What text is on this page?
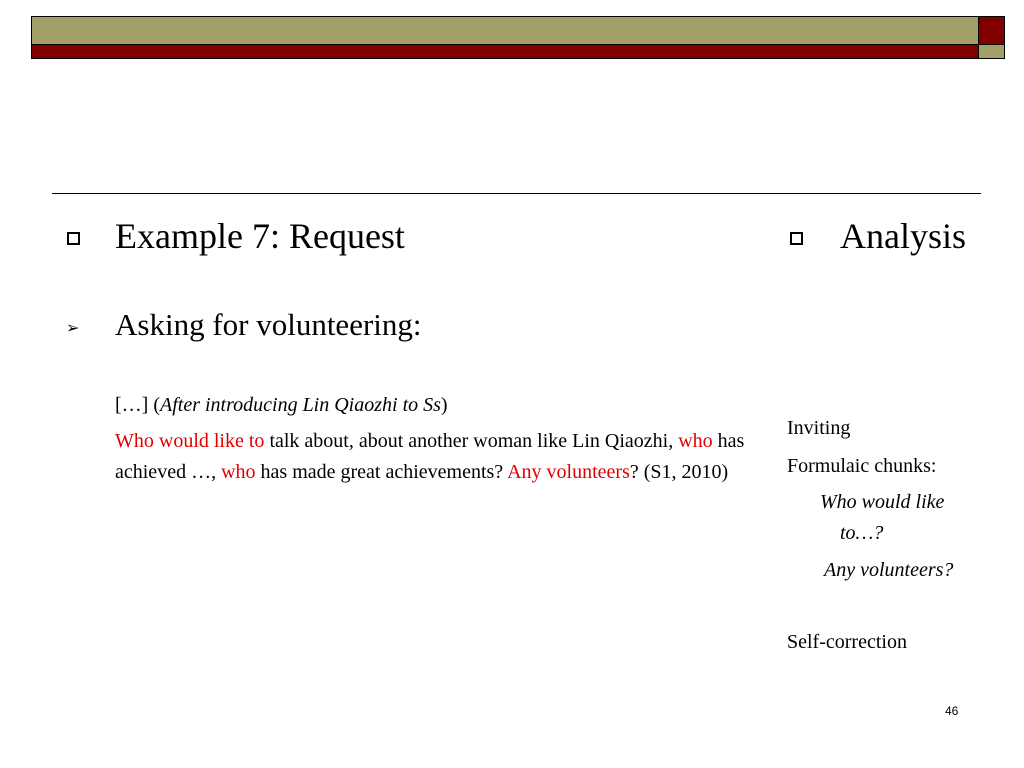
Example 7: Request
➢ Asking for volunteering:
[…] (After introducing Lin Qiaozhi to Ss)
Who would like to talk about, about another woman like Lin Qiaozhi, who has achieved …, who has made great achievements? Any volunteers? (S1, 2010)
Analysis
Inviting
Formulaic chunks:
Who would like
to…?
Any volunteers?
Self-correction
46
